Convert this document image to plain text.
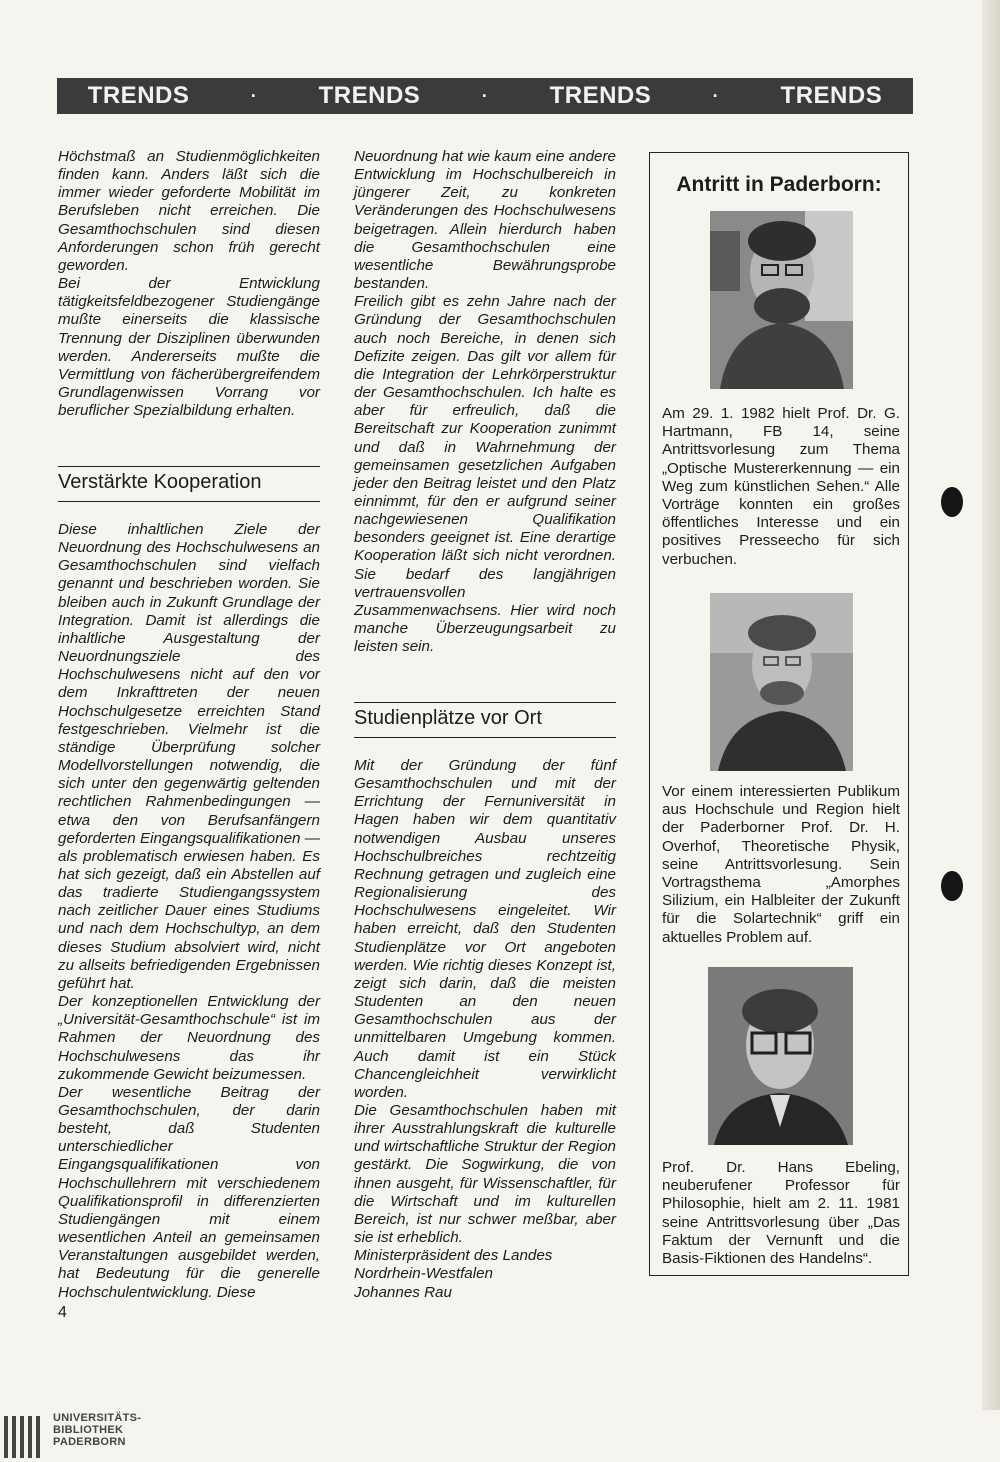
TRENDS	·	TRENDS	·	TRENDS	·	TRENDS

Höchstmaß an Studienmöglichkeiten finden kann. Anders läßt sich die immer wieder geforderte Mobilität im Berufsleben nicht erreichen. Die Gesamthochschulen sind diesen Anforderungen schon früh gerecht geworden.

Bei der Entwicklung tätigkeitsfeldbezogener Studiengänge mußte einerseits die klassische Trennung der Disziplinen überwunden werden. Andererseits mußte die Vermittlung von fächerübergreifendem Grundlagenwissen Vorrang vor beruflicher Spezialbildung erhalten.

Verstärkte Kooperation

Diese inhaltlichen Ziele der Neuordnung des Hochschulwesens an Gesamthochschulen sind vielfach genannt und beschrieben worden. Sie bleiben auch in Zukunft Grundlage der Integration. Damit ist allerdings die inhaltliche Ausgestaltung der Neuordnungsziele des Hochschulwesens nicht auf den vor dem Inkrafttreten der neuen Hochschulgesetze erreichten Stand festgeschrieben. Vielmehr ist die ständige Überprüfung solcher Modellvorstellungen notwendig, die sich unter den gegenwärtig geltenden rechtlichen Rahmenbedingungen — etwa den von Berufsanfängern geforderten Eingangsqualifikationen — als problematisch erwiesen haben. Es hat sich gezeigt, daß ein Abstellen auf das tradierte Studiengangssystem nach zeitlicher Dauer eines Studiums und nach dem Hochschultyp, an dem dieses Studium absolviert wird, nicht zu allseits befriedigenden Ergebnissen geführt hat.

Der konzeptionellen Entwicklung der „Universität-Gesamthochschule“ ist im Rahmen der Neuordnung des Hochschulwesens das ihr zukommende Gewicht beizumessen.

Der wesentliche Beitrag der Gesamthochschulen, der darin besteht, daß Studenten unterschiedlicher Eingangsqualifikationen von Hochschullehrern mit verschiedenem Qualifikationsprofil in differenzierten Studiengängen mit einem wesentlichen Anteil an gemeinsamen Veranstaltungen ausgebildet werden, hat Bedeutung für die generelle Hochschulentwicklung. Diese

Neuordnung hat wie kaum eine andere Entwicklung im Hochschulbereich in jüngerer Zeit, zu konkreten Veränderungen des Hochschulwesens beigetragen. Allein hierdurch haben die Gesamthochschulen eine wesentliche Bewährungsprobe bestanden.

Freilich gibt es zehn Jahre nach der Gründung der Gesamthochschulen auch noch Bereiche, in denen sich Defizite zeigen. Das gilt vor allem für die Integration der Lehrkörperstruktur der Gesamthochschulen. Ich halte es aber für erfreulich, daß die Bereitschaft zur Kooperation zunimmt und daß in Wahrnehmung der gemeinsamen gesetzlichen Aufgaben jeder den Beitrag leistet und den Platz einnimmt, für den er aufgrund seiner nachgewiesenen Qualifikation besonders geeignet ist. Eine derartige Kooperation läßt sich nicht verordnen. Sie bedarf des langjährigen vertrauensvollen Zusammenwachsens. Hier wird noch manche Überzeugungsarbeit zu leisten sein.

Studienplätze vor Ort

Mit der Gründung der fünf Gesamthochschulen und mit der Errichtung der Fernuniversität in Hagen haben wir dem quantitativ notwendigen Ausbau unseres Hochschulbreiches rechtzeitig Rechnung getragen und zugleich eine Regionalisierung des Hochschulwesens eingeleitet. Wir haben erreicht, daß den Studenten Studienplätze vor Ort angeboten werden. Wie richtig dieses Konzept ist, zeigt sich darin, daß die meisten Studenten an den neuen Gesamthochschulen aus der unmittelbaren Umgebung kommen. Auch damit ist ein Stück Chancengleichheit verwirklicht worden.

Die Gesamthochschulen haben mit ihrer Ausstrahlungskraft die kulturelle und wirtschaftliche Struktur der Region gestärkt. Die Sogwirkung, die von ihnen ausgeht, für Wissenschaftler, für die Wirtschaft und im kulturellen Bereich, ist nur schwer meßbar, aber sie ist erheblich.

Ministerpräsident des Landes

Nordrhein-Westfalen

Johannes Rau

Antritt in Paderborn:
Am 29. 1. 1982 hielt Prof. Dr. G. Hartmann, FB 14, seine Antrittsvorlesung zum Thema „Optische Mustererkennung — ein Weg zum künstlichen Sehen.“ Alle Vorträge konnten ein großes öffentliches Interesse und ein positives Presseecho für sich verbuchen.
Vor einem interessierten Publikum aus Hochschule und Region hielt der Paderborner Prof. Dr. H. Overhof, Theoretische Physik, seine Antrittsvorlesung. Sein Vortragsthema „Amorphes Silizium, ein Halbleiter der Zukunft für die Solartechnik“ griff ein aktuelles Problem auf.
Prof. Dr. Hans Ebeling, neuberufener Professor für Philosophie, hielt am 2. 11. 1981 seine Antrittsvorlesung über „Das Faktum der Vernunft und die Basis-Fiktionen des Handelns“.
4
UNIVERSITÄTS-
BIBLIOTHEK
PADERBORN
